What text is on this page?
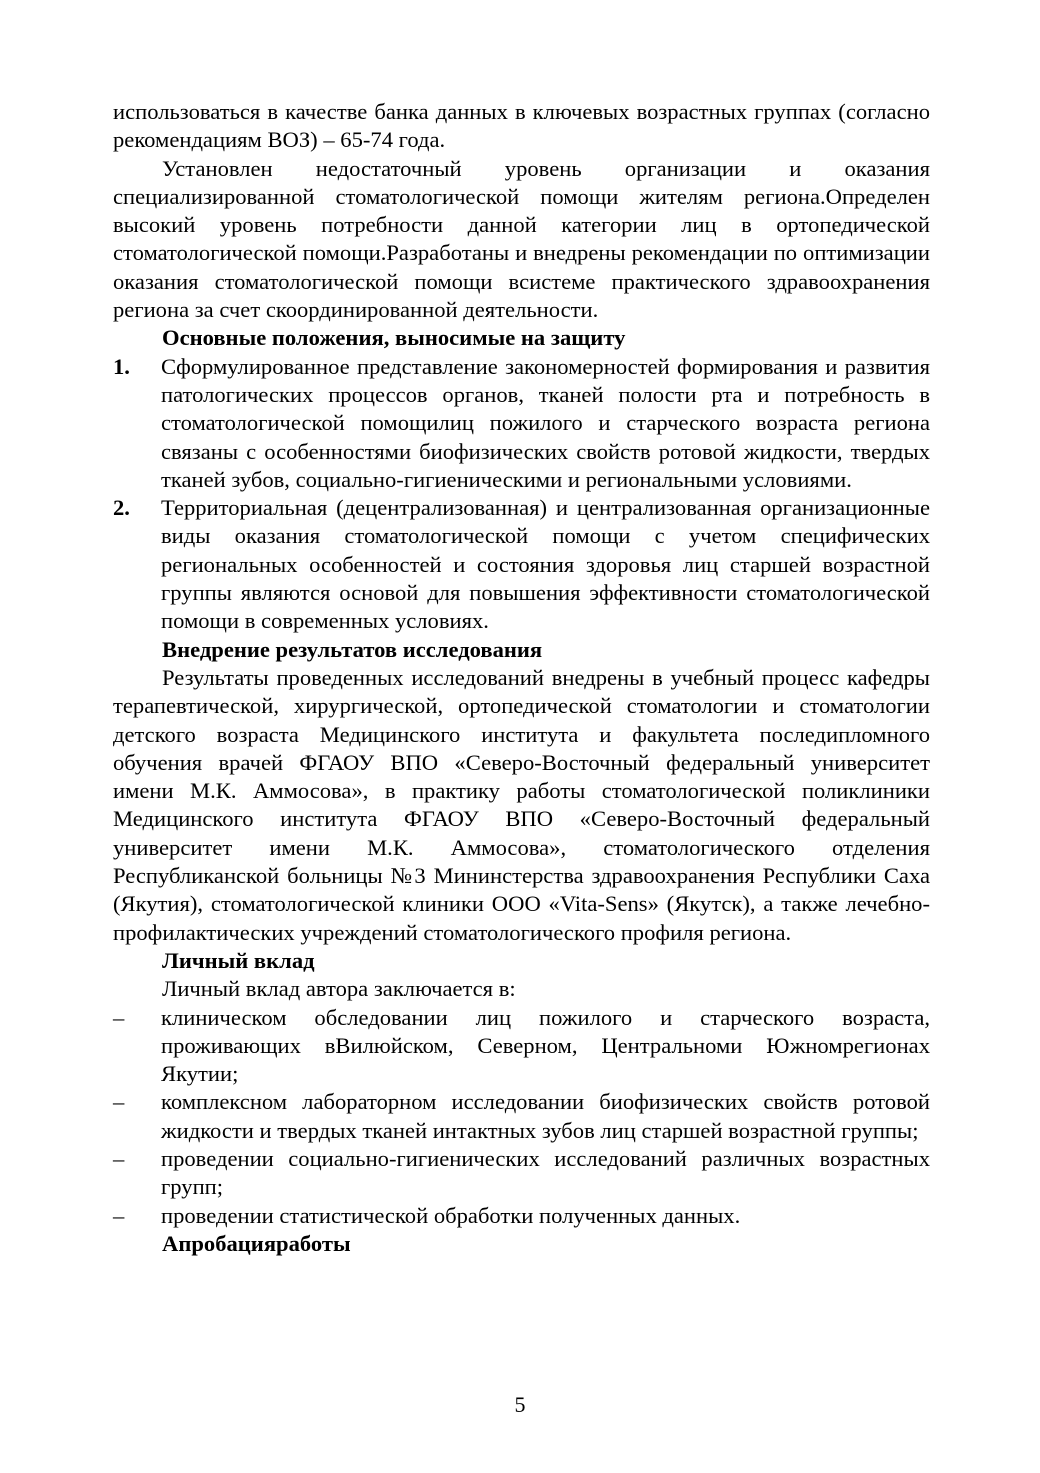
использоваться в качестве банка данных в ключевых возрастных группах (согласно рекомендациям ВОЗ) – 65-74 года.

Установлен недостаточный уровень организации и оказания специализированной стоматологической помощи жителям региона.Определен высокий уровень потребности данной категории лиц в ортопедической стоматологической помощи.Разработаны и внедрены рекомендации по оптимизации оказания стоматологической помощи всистеме практического здравоохранения региона за счет скоординированной деятельности.

Основные положения, выносимые на защиту

1. Сформулированное представление закономерностей формирования и развития патологических процессов органов, тканей полости рта и потребность в стоматологической помощилиц пожилого и старческого возраста региона связаны с особенностями биофизических свойств ротовой жидкости, твердых тканей зубов, социально-гигиеническими и региональными условиями.
2. Территориальная (децентрализованная) и централизованная организационные виды оказания стоматологической помощи с учетом специфических региональных особенностей и состояния здоровья лиц старшей возрастной группы являются основой для повышения эффективности стоматологической помощи в современных условиях.

Внедрение результатов исследования

Результаты проведенных исследований внедрены в учебный процесс кафедры терапевтической, хирургической, ортопедической стоматологии и стоматологии детского возраста Медицинского института и факультета последипломного обучения врачей ФГАОУ ВПО «Северо-Восточный федеральный университет имени М.К. Аммосова», в практику работы стоматологической поликлиники Медицинского института ФГАОУ ВПО «Северо-Восточный федеральный университет имени М.К. Аммосова», стоматологического отделения Республиканской больницы №3 Мининстерства здравоохранения Республики Саха (Якутия), стоматологической клиники ООО «Vita-Sens» (Якутск), а также лечебно-профилактических учреждений стоматологического профиля региона.

Личный вклад

Личный вклад автора заключается в:

– клиническом обследовании лиц пожилого и старческого возраста, проживающих вВилюйском, Северном, Центральноми Южномрегионах Якутии;
– комплексном лабораторном исследовании биофизических свойств ротовой жидкости и твердых тканей интактных зубов лиц старшей возрастной группы;
– проведении социально-гигиенических исследований различных возрастных групп;
– проведении статистической обработки полученных данных.

Апробацияработы

5
